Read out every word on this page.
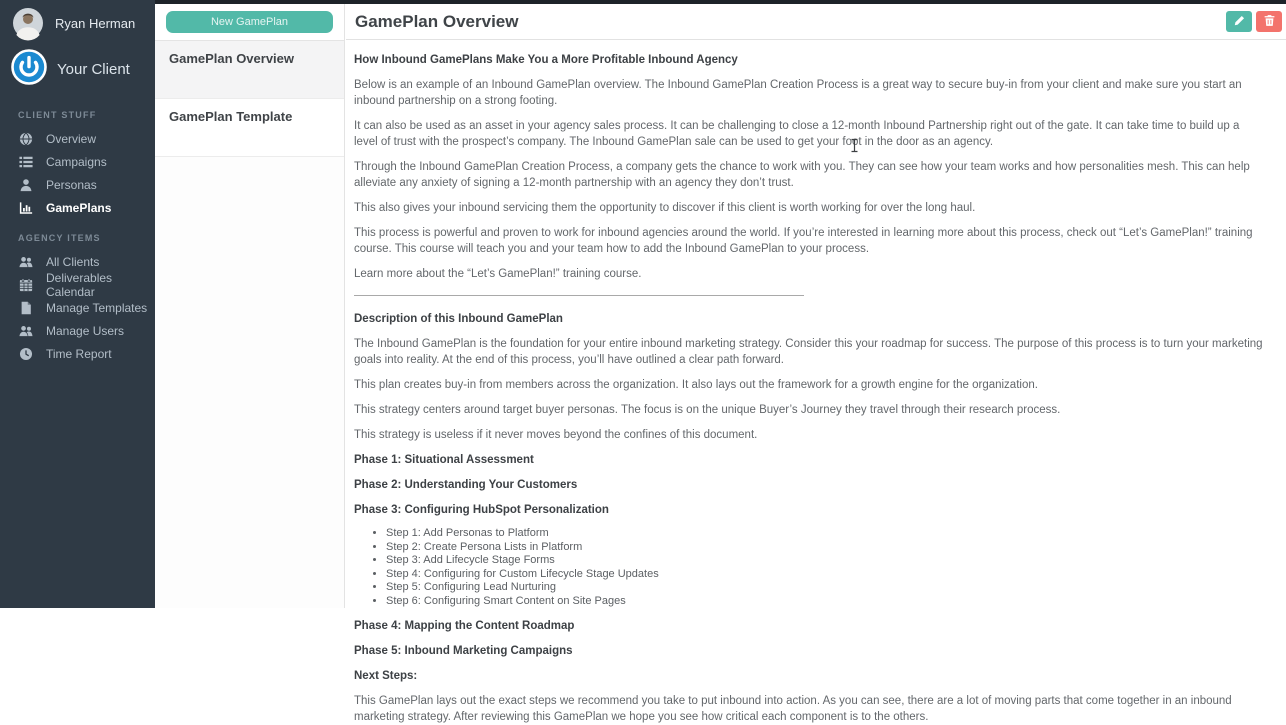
Ryan Herman
Your Client
CLIENT STUFF
Overview
Campaigns
Personas
GamePlans
AGENCY ITEMS
All Clients
Deliverables Calendar
Manage Templates
Manage Users
Time Report
New GamePlan
GamePlan Overview
GamePlan Template
GamePlan Overview

How Inbound GamePlans Make You a More Profitable Inbound Agency

Below is an example of an Inbound GamePlan overview. The Inbound GamePlan Creation Process is a great way to secure buy-in from your client and make sure you start an inbound partnership on a strong footing.

It can also be used as an asset in your agency sales process. It can be challenging to close a 12-month Inbound Partnership right out of the gate. It can take time to build up a level of trust with the prospect’s company. The Inbound GamePlan sale can be used to get your foot in the door as an agency.

Through the Inbound GamePlan Creation Process, a company gets the chance to work with you. They can see how your team works and how personalities mesh. This can help alleviate any anxiety of signing a 12-month partnership with an agency they don’t trust.

This also gives your inbound servicing them the opportunity to discover if this client is worth working for over the long haul.

This process is powerful and proven to work for inbound agencies around the world. If you’re interested in learning more about this process, check out “Let’s GamePlan!” training course. This course will teach you and your team how to add the Inbound GamePlan to your process.

Learn more about the “Let’s GamePlan!” training course.

Description of this Inbound GamePlan

The Inbound GamePlan is the foundation for your entire inbound marketing strategy. Consider this your roadmap for success. The purpose of this process is to turn your marketing goals into reality. At the end of this process, you’ll have outlined a clear path forward.

This plan creates buy-in from members across the organization. It also lays out the framework for a growth engine for the organization.

This strategy centers around target buyer personas. The focus is on the unique Buyer’s Journey they travel through their research process.

This strategy is useless if it never moves beyond the confines of this document.

Phase 1: Situational Assessment

Phase 2: Understanding Your Customers

Phase 3: Configuring HubSpot Personalization

• Step 1: Add Personas to Platform
• Step 2: Create Persona Lists in Platform
• Step 3: Add Lifecycle Stage Forms
• Step 4: Configuring for Custom Lifecycle Stage Updates
• Step 5: Configuring Lead Nurturing
• Step 6: Configuring Smart Content on Site Pages

Phase 4: Mapping the Content Roadmap

Phase 5: Inbound Marketing Campaigns

Next Steps:

This GamePlan lays out the exact steps we recommend you take to put inbound into action. As you can see, there are a lot of moving parts that come together in an inbound marketing strategy. After reviewing this GamePlan we hope you see how critical each component is to the others.
